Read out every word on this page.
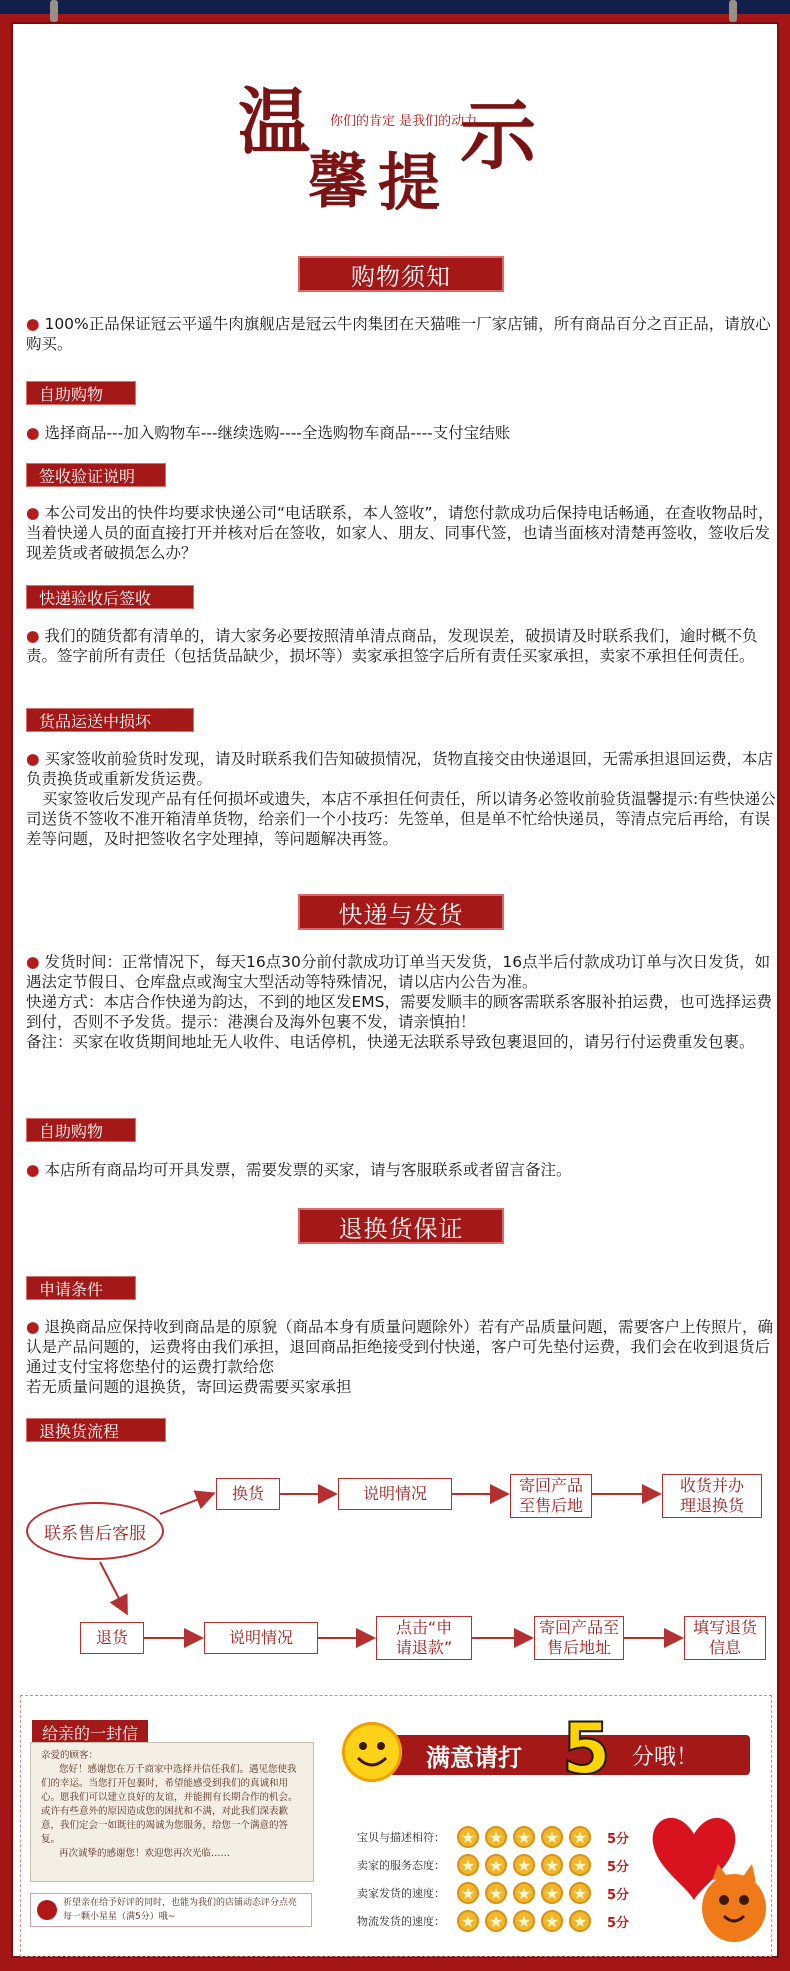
温
馨 提
示
你们的肯定 是我们的动力
购物须知

● 100%正品保证冠云平遥牛肉旗舰店是冠云牛肉集团在天猫唯一厂家店铺，所有商品百分之百正品，请放心购买。

自助购物

● 选择商品---加入购物车---继续选购----全选购物车商品----支付宝结账

签收验证说明

● 本公司发出的快件均要求快递公司“电话联系，本人签收”，请您付款成功后保持电话畅通，在查收物品时，当着快递人员的面直接打开并核对后在签收，如家人、朋友、同事代签，也请当面核对清楚再签收，签收后发现差货或者破损怎么办？

快递验收后签收

● 我们的随货都有清单的，请大家务必要按照清单清点商品，发现误差，破损请及时联系我们，逾时概不负责。签字前所有责任（包括货品缺少，损坏等）卖家承担签字后所有责任买家承担，卖家不承担任何责任。

货品运送中损坏

● 买家签收前验货时发现，请及时联系我们告知破损情况，货物直接交由快递退回，无需承担退回运费，本店负责换货或重新发货运费。

买家签收后发现产品有任何损坏或遗失，本店不承担任何责任，所以请务必签收前验货温馨提示:有些快递公司送货不签收不准开箱清单货物，给亲们一个小技巧：先签单，但是单不忙给快递员，等清点完后再给，有误差等问题，及时把签收名字处理掉，等问题解决再签。

快递与发货

● 发货时间：正常情况下，每天16点30分前付款成功订单当天发货，16点半后付款成功订单与次日发货，如遇法定节假日、仓库盘点或淘宝大型活动等特殊情况，请以店内公告为准。

快递方式：本店合作快递为韵达，不到的地区发EMS，需要发顺丰的顾客需联系客服补拍运费，也可选择运费到付，否则不予发货。提示：港澳台及海外包裹不发，请亲慎拍！

备注：买家在收货期间地址无人收件、电话停机，快递无法联系导致包裹退回的，请另行付运费重发包裹。

自助购物

● 本店所有商品均可开具发票，需要发票的买家，请与客服联系或者留言备注。

退换货保证
申请条件

● 退换商品应保持收到商品是的原貌（商品本身有质量问题除外）若有产品质量问题，需要客户上传照片，确认是产品问题的，运费将由我们承担，退回商品拒绝接受到付快递，客户可先垫付运费，我们会在收到退货后通过支付宝将您垫付的运费打款给您

若无质量问题的退换货，寄回运费需要买家承担

退换货流程
联系售后客服
换货	说明情况	寄回产品
至售后地
收货并办
理退换货
退货	说明情况
点击“申
请退款”
寄回产品至
售后地址
填写退货
信息
给亲的一封信

亲爱的顾客：

您好！感谢您在万千商家中选择并信任我们。遇见您使我们的幸运。当您打开包裹时，希望能感受到我们的真诚和用心。愿我们可以建立良好的友谊，并能拥有长期合作的机会。或许有些意外的原因造成您的困扰和不满，对此我们深表歉意，我们定会一如既往的竭诚为您服务，给您一个满意的答复。

再次诚挚的感谢您！欢迎您再次光临……

祈望亲在给予好评的同时，也能为我们的店铺动态评分点亮每一颗小星星（满5分）哦~
满意请打 5 分哦！
宝贝与描述相符： ★ ★ ★ ★ ★ 5分
卖家的服务态度： ★ ★ ★ ★ ★ 5分
卖家发货的速度： ★ ★ ★ ★ ★ 5分
物流发货的速度： ★ ★ ★ ★ ★ 5分
